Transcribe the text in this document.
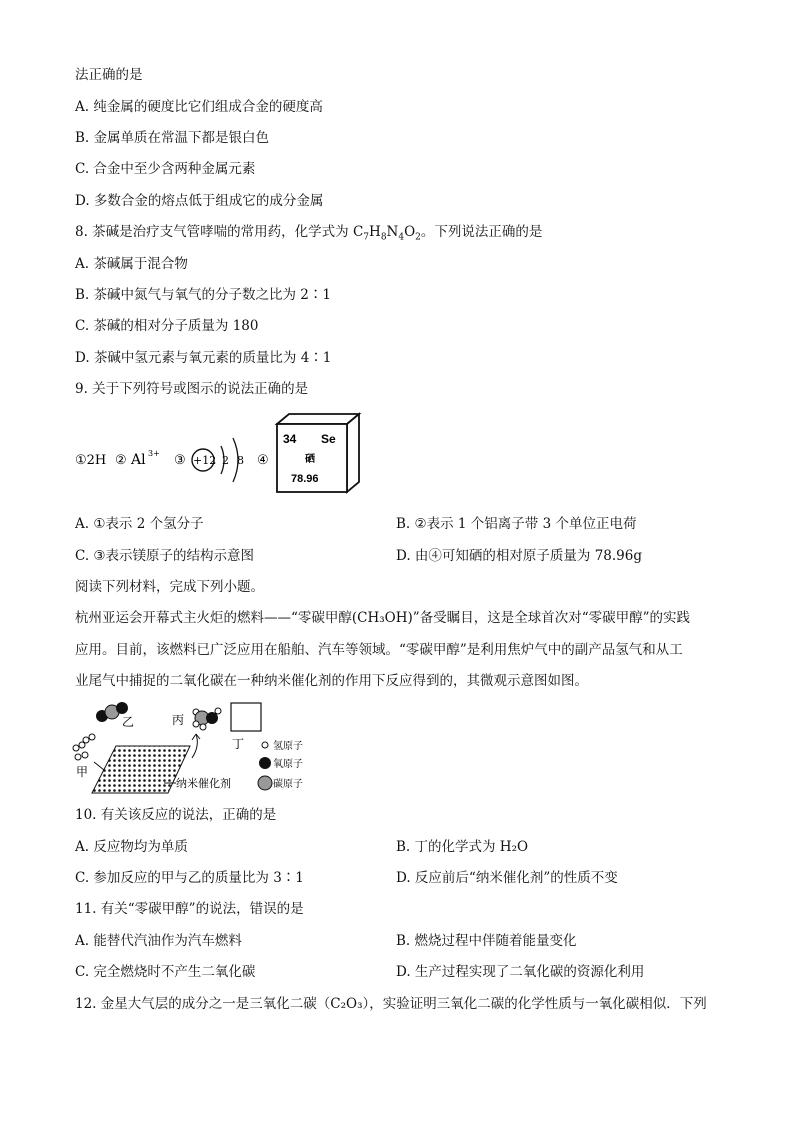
法正确的是
A. 纯金属的硬度比它们组成合金的硬度高
B. 金属单质在常温下都是银白色
C. 合金中至少含两种金属元素
D. 多数合金的熔点低于组成它的成分金属
8. 茶碱是治疗支气管哮喘的常用药，化学式为 $C_7H_8N_4O_2$。下列说法正确的是
A. 茶碱属于混合物
B. 茶碱中氮气与氧气的分子数之比为 2∶1
C. 茶碱的相对分子质量为 180
D. 茶碱中氢元素与氧元素的质量比为 4∶1
9. 关于下列符号或图示的说法正确的是
①2H ② Al 3+ ③ +12 2 8 ④
34 Se
硒
78.96
A. ①表示 2 个氢分子	B. ②表示 1 个铝离子带 3 个单位正电荷
C. ③表示镁原子的结构示意图	D. 由④可知硒的相对原子质量为 78.96g
阅读下列材料，完成下列小题。
杭州亚运会开幕式主火炬的燃料——“零碳甲醇(CH₃OH)”备受瞩目，这是全球首次对“零碳甲醇”的实践
应用。目前，该燃料已广泛应用在船舶、汽车等领域。“零碳甲醇”是利用焦炉气中的副产品氢气和从工
业尾气中捕捉的二氧化碳在一种纳米催化剂的作用下反应得到的，其微观示意图如图。
乙	丙
丁
甲
纳米催化剂
氢原子
氧原子
碳原子
10. 有关该反应的说法，正确的是
A. 反应物均为单质	B. 丁的化学式为 H₂O
C. 参加反应的甲与乙的质量比为 3∶1	D. 反应前后“纳米催化剂”的性质不变
11. 有关“零碳甲醇”的说法，错误的是
A. 能替代汽油作为汽车燃料	B. 燃烧过程中伴随着能量变化
C. 完全燃烧时不产生二氧化碳	D. 生产过程实现了二氧化碳的资源化利用
12. 金星大气层的成分之一是三氧化二碳（C₂O₃），实验证明三氧化二碳的化学性质与一氧化碳相似．下列
